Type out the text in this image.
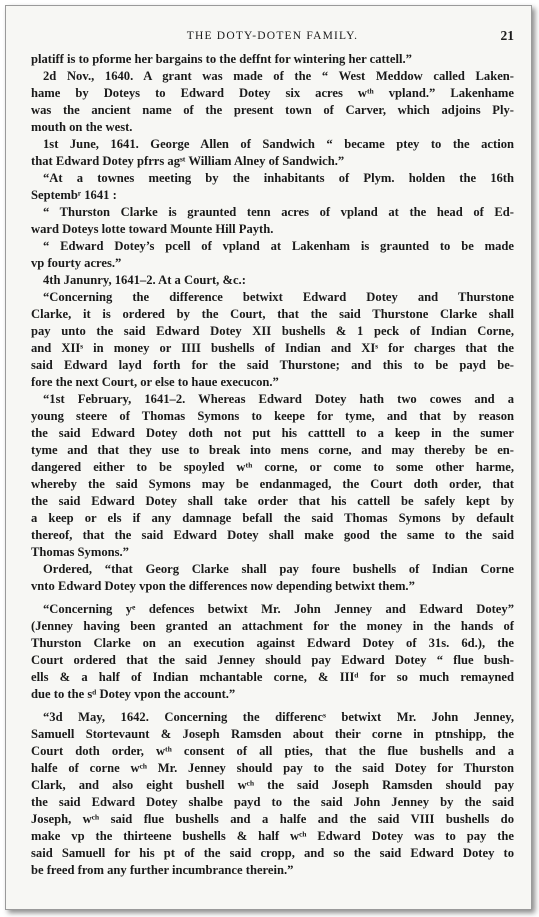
THE DOTY-DOTEN FAMILY.	21
platiff is to pforme her bargains to the deffnt for wintering her cattell.”
2d Nov., 1640. A grant was made of the “ West Meddow called Laken-
hame by Doteys to Edward Dotey six acres wᵗʰ vpland.” Lakenhame
was the ancient name of the present town of Carver, which adjoins Ply-
mouth on the west.
1st June, 1641. George Allen of Sandwich “ became ptey to the action
that Edward Dotey pfrrs agˢᵗ William Alney of Sandwich.”
“At a townes meeting by the inhabitants of Plym. holden the 16th
Septembʳ 1641 :
“ Thurston Clarke is graunted tenn acres of vpland at the head of Ed-
ward Doteys lotte toward Mounte Hill Payth.
“ Edward Dotey’s pcell of vpland at Lakenham is graunted to be made
vp fourty acres.”
4th Janunry, 1641–2. At a Court, &c.:
“Concerning the difference betwixt Edward Dotey and Thurstone
Clarke, it is ordered by the Court, that the said Thurstone Clarke shall
pay unto the said Edward Dotey XII bushells & 1 peck of Indian Corne,
and XIIˢ in money or IIII bushells of Indian and XIˢ for charges that the
said Edward layd forth for the said Thurstone; and this to be payd be-
fore the next Court, or else to haue execucon.”
“1st February, 1641–2. Whereas Edward Dotey hath two cowes and a
young steere of Thomas Symons to keepe for tyme, and that by reason
the said Edward Dotey doth not put his catttell to a keep in the sumer
tyme and that they use to break into mens corne, and may thereby be en-
dangered either to be spoyled wᵗʰ corne, or come to some other harme,
whereby the said Symons may be endanmaged, the Court doth order, that
the said Edward Dotey shall take order that his cattell be safely kept by
a keep or els if any damnage befall the said Thomas Symons by default
thereof, that the said Edward Dotey shall make good the same to the said
Thomas Symons.”
Ordered, “that Georg Clarke shall pay foure bushells of Indian Corne
vnto Edward Dotey vpon the differences now depending betwixt them.”
“Concerning yᵉ defences betwixt Mr. John Jenney and Edward Dotey”
(Jenney having been granted an attachment for the money in the hands of
Thurston Clarke on an execution against Edward Dotey of 31s. 6d.), the
Court ordered that the said Jenney should pay Edward Dotey “ flue bush-
ells & a half of Indian mchantable corne, & IIIᵈ for so much remayned
due to the sᵈ Dotey vpon the account.”
“3d May, 1642. Concerning the differencˢ betwixt Mr. John Jenney,
Samuell Stortevaunt & Joseph Ramsden about their corne in ptnshipp, the
Court doth order, wᵗʰ consent of all pties, that the flue bushells and a
halfe of corne wᶜʰ Mr. Jenney should pay to the said Dotey for Thurston
Clark, and also eight bushell wᶜʰ the said Joseph Ramsden should pay
the said Edward Dotey shalbe payd to the said John Jenney by the said
Joseph, wᶜʰ said flue bushells and a halfe and the said VIII bushells do
make vp the thirteene bushells & half wᶜʰ Edward Dotey was to pay the
said Samuell for his pt of the said cropp, and so the said Edward Dotey to
be freed from any further incumbrance therein.”
